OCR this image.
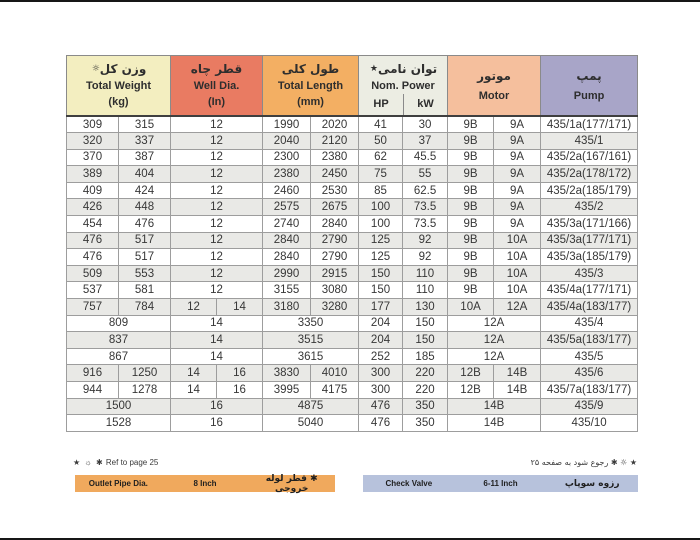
وزن کل☼
Total Weight
(kg)

قطر چاه
Well Dia.
(In)

طول کلی
Total Length
(mm)

توان نامی★
Nom. Power
HP	kW

موتور
Motor

پمپ
Pump

309	315	12		1990	2020	41	30	9B	9A	435/1a(177/171)
320	337	12		2040	2120	50	37	9B	9A	435/1
370	387	12		2300	2380	62	45.5	9B	9A	435/2a(167/161)
389	404	12		2380	2450	75	55	9B	9A	435/2a(178/172)
409	424	12		2460	2530	85	62.5	9B	9A	435/2a(185/179)
426	448	12		2575	2675	100	73.5	9B	9A	435/2
454	476	12		2740	2840	100	73.5	9B	9A	435/3a(171/166)
476	517	12		2840	2790	125	92	9B	10A	435/3a(177/171)
476	517	12		2840	2790	125	92	9B	10A	435/3a(185/179)
509	553	12		2990	2915	150	110	9B	10A	435/3
537	581	12		3155	3080	150	110	9B	10A	435/4a(177/171)
757	784	12	14	3180	3280	177	130	10A	12A	435/4a(183/177)
809		14		3350		204	150	12A		435/4
837		14		3515		204	150	12A		435/5a(183/177)
867		14		3615		252	185	12A		435/5
916	1250	14	16	3830	4010	300	220	12B	14B	435/6
944	1278	14	16	3995	4175	300	220	12B	14B	435/7a(183/177)
1500		16		4875		476	350	14B		435/9
1528		16		5040		476	350	14B		435/10
★ ☼ ✱ Ref to page 25	★ ☼ ✱ رجوع شود به صفحه ۲۵
Outlet Pipe Dia.	8 Inch	✱ قطر لوله خروجی	Check Valve	6-11 Inch	رزوه سوپاپ
